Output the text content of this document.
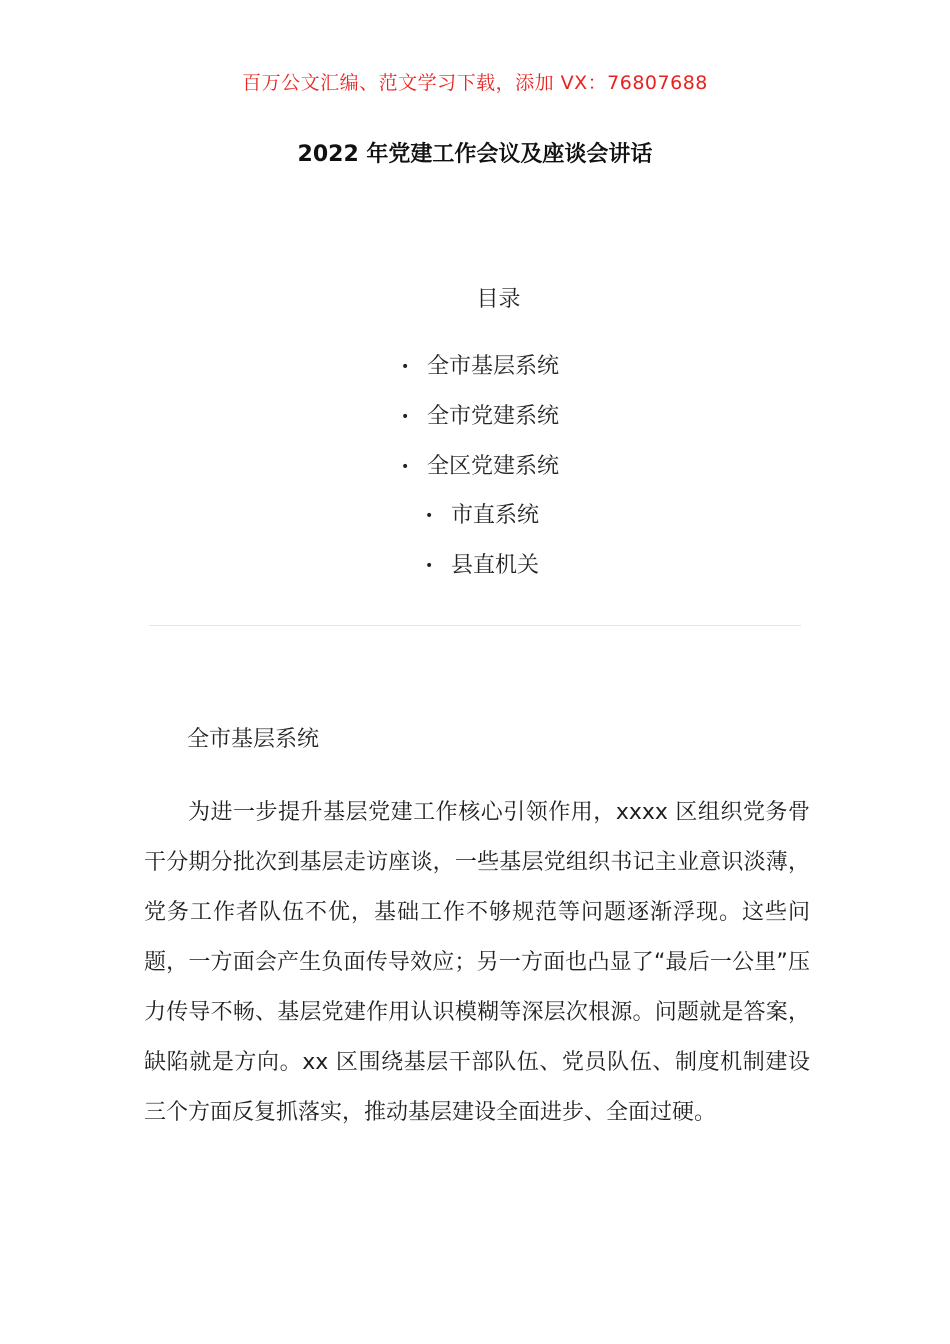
百万公文汇编、范文学习下载，添加 VX：76807688
2022 年党建工作会议及座谈会讲话
目录
• 全市基层系统
• 全市党建系统
• 全区党建系统
• 市直系统
• 县直机关
全市基层系统

为进一步提升基层党建工作核心引领作用，xxxx 区组织党务骨干分期分批次到基层走访座谈，一些基层党组织书记主业意识淡薄，党务工作者队伍不优，基础工作不够规范等问题逐渐浮现。这些问题，一方面会产生负面传导效应；另一方面也凸显了“最后一公里”压力传导不畅、基层党建作用认识模糊等深层次根源。问题就是答案，缺陷就是方向。xx 区围绕基层干部队伍、党员队伍、制度机制建设三个方面反复抓落实，推动基层建设全面进步、全面过硬。
